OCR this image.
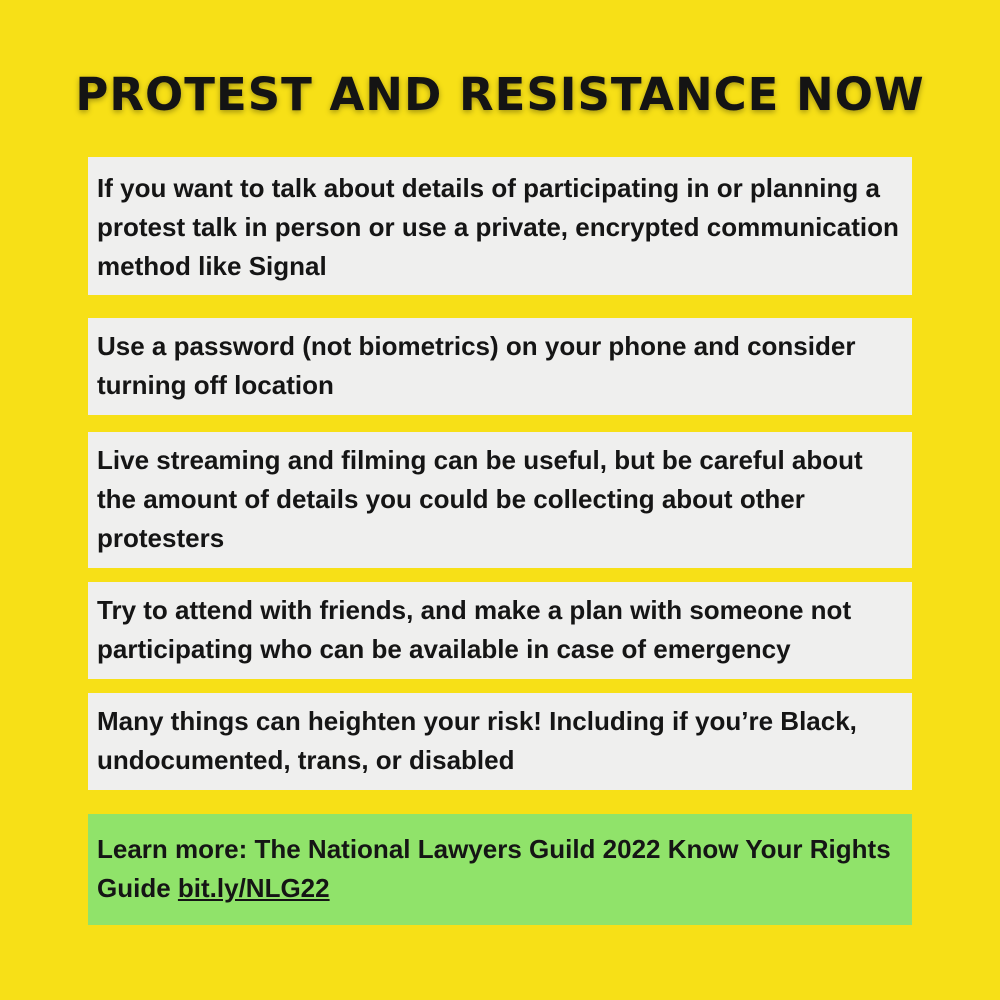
PROTEST AND RESISTANCE NOW

If you want to talk about details of participating in or planning a protest talk in person or use a private, encrypted communication method like Signal

Use a password (not biometrics) on your phone and consider turning off location

Live streaming and filming can be useful, but be careful about the amount of details you could be collecting about other protesters

Try to attend with friends, and make a plan with someone not participating who can be available in case of emergency

Many things can heighten your risk! Including if you’re Black, undocumented, trans, or disabled

Learn more: The National Lawyers Guild 2022 Know Your Rights Guide bit.ly/NLG22
